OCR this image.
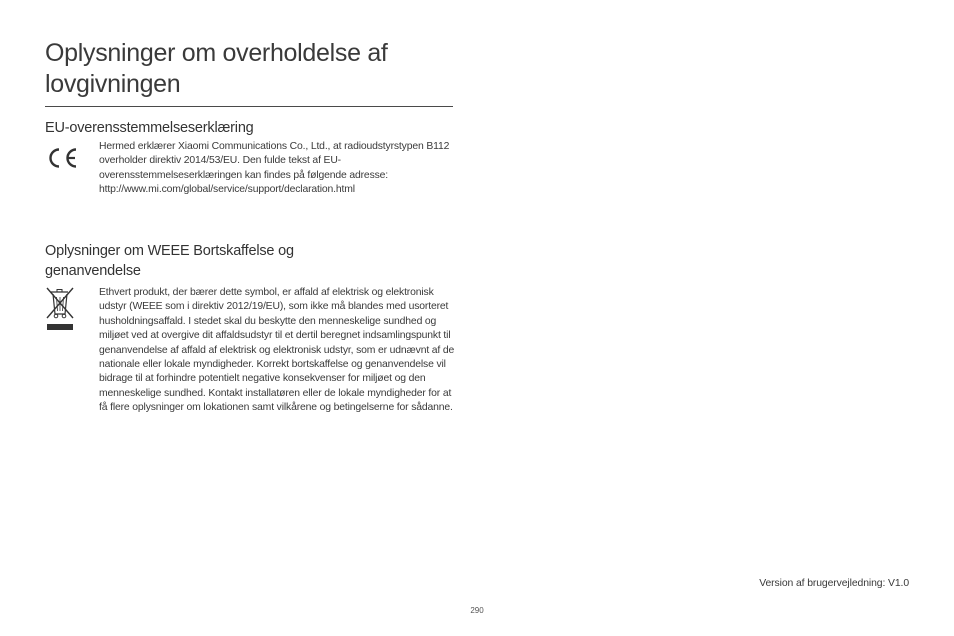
Oplysninger om overholdelse af lovgivningen
EU-overensstemmelseserklæring

Hermed erklærer Xiaomi Communications Co., Ltd., at radioudstyrstypen B112 overholder direktiv 2014/53/EU. Den fulde tekst af EU-overensstemmelseserklæringen kan findes på følgende adresse:
http://www.mi.com/global/service/support/declaration.html

Oplysninger om WEEE Bortskaffelse og genanvendelse

Ethvert produkt, der bærer dette symbol, er affald af elektrisk og elektronisk udstyr (WEEE som i direktiv 2012/19/EU), som ikke må blandes med usorteret husholdningsaffald. I stedet skal du beskytte den menneskelige sundhed og miljøet ved at overgive dit affaldsudstyr til et dertil beregnet indsamlingspunkt til genanvendelse af affald af elektrisk og elektronisk udstyr, som er udnævnt af de nationale eller lokale myndigheder. Korrekt bortskaffelse og genanvendelse vil bidrage til at forhindre potentielt negative konsekvenser for miljøet og den menneskelige sundhed. Kontakt installatøren eller de lokale myndigheder for at få flere oplysninger om lokationen samt vilkårene og betingelserne for sådanne.

Version af brugervejledning: V1.0
290
